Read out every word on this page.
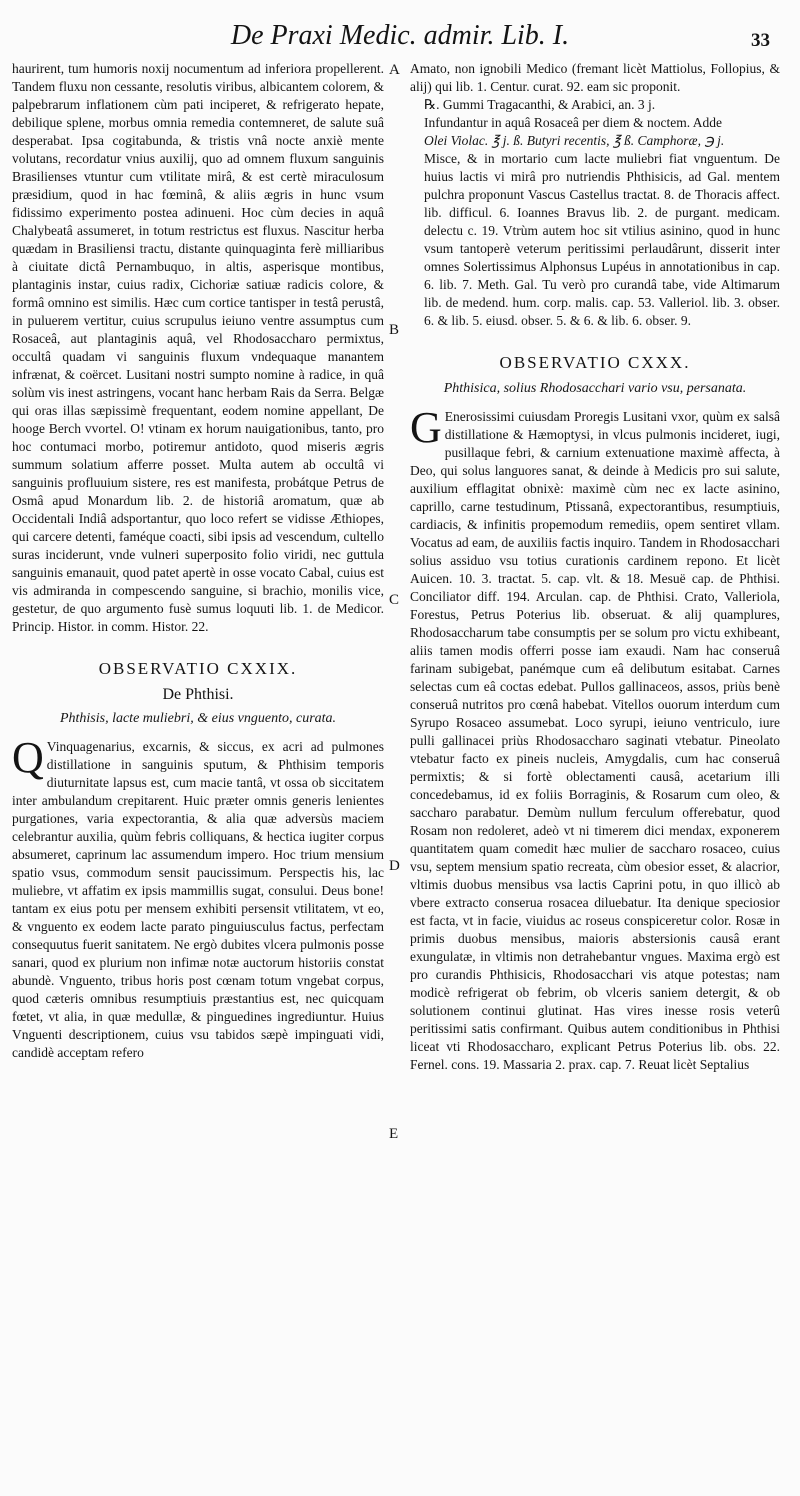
De Praxi Medic. admir. Lib. I.	33
A
B
C
D
E

haurirent, tum humoris noxij nocumentum ad inferiora propellerent. Tandem fluxu non cessante, resolutis viribus, albicantem colorem, & palpebrarum inflationem cùm pati inciperet, & refrigerato hepate, debilique splene, morbus omnia remedia contemneret, de salute suâ desperabat. Ipsa cogitabunda, & tristis vnâ nocte anxiè mente volutans, recordatur vnius auxilij, quo ad omnem fluxum sanguinis Brasilienses vtuntur cum vtilitate mirâ, & est certè miraculosum præsidium, quod in hac fœminâ, & aliis ægris in hunc vsum fidissimo experimento postea adinueni. Hoc cùm decies in aquâ Chalybeatâ assumeret, in totum restrictus est fluxus. Nascitur herba quædam in Brasiliensi tractu, distante quinquaginta ferè milliaribus à ciuitate dictâ Pernambuquo, in altis, asperisque montibus, plantaginis instar, cuius radix, Cichoriæ satiuæ radicis colore, & formâ omnino est similis. Hæc cum cortice tantisper in testâ perustâ, in puluerem vertitur, cuius scrupulus ieiuno ventre assumptus cum Rosaceâ, aut plantaginis aquâ, vel Rhodosaccharo permixtus, occultâ quadam vi sanguinis fluxum vndequaque manantem infrænat, & coërcet. Lusitani nostri sumpto nomine à radice, in quâ solùm vis inest astringens, vocant hanc herbam Rais da Serra. Belgæ qui oras illas sæpissimè frequentant, eodem nomine appellant, De hooge Berch vvortel. O! vtinam ex horum nauigationibus, tanto, pro hoc contumaci morbo, potiremur antidoto, quod miseris ægris summum solatium afferre posset. Multa autem ab occultâ vi sanguinis profluuium sistere, res est manifesta, probátque Petrus de Osmâ apud Monardum lib. 2. de historiâ aromatum, quæ ab Occidentali Indiâ adsportantur, quo loco refert se vidisse Æthiopes, qui carcere detenti, faméque coacti, sibi ipsis ad vescendum, cultello suras inciderunt, vnde vulneri superposito folio viridi, nec guttula sanguinis emanauit, quod patet apertè in osse vocato Cabal, cuius est vis admiranda in compescendo sanguine, si brachio, monilis vice, gestetur, de quo argumento fusè sumus loquuti lib. 1. de Medicor. Princip. Histor. in comm. Histor. 22.

OBSERVATIO CXXIX.
De Phthisi.
Phthisis, lacte muliebri, & eius vnguento, curata.

Q Vinquagenarius, excarnis, & siccus, ex acri ad pulmones distillatione in sanguinis sputum, & Phthisim temporis diuturnitate lapsus est, cum macie tantâ, vt ossa ob siccitatem inter ambulandum crepitarent. Huic præter omnis generis lenientes purgationes, varia expectorantia, & alia quæ adversùs maciem celebrantur auxilia, quùm febris colliquans, & hectica iugiter corpus absumeret, caprinum lac assumendum impero. Hoc trium mensium spatio vsus, commodum sensit paucissimum. Perspectis his, lac muliebre, vt affatim ex ipsis mammillis sugat, consului. Deus bone! tantam ex eius potu per mensem exhibiti persensit vtilitatem, vt eo, & vnguento ex eodem lacte parato pinguiusculus factus, perfectam consequutus fuerit sanitatem. Ne ergò dubites vlcera pulmonis posse sanari, quod ex plurium non infimæ notæ auctorum historiis constat abundè. Vnguento, tribus horis post cœnam totum vngebat corpus, quod cæteris omnibus resumptiuis præstantius est, nec quicquam fœtet, vt alia, in quæ medullæ, & pinguedines ingrediuntur. Huius Vnguenti descriptionem, cuius vsu tabidos sæpè impinguati vidi, candidè acceptam refero

Amato, non ignobili Medico (fremant licèt Mattiolus, Follopius, & alij) qui lib. 1. Centur. curat. 92. eam sic proponit.

℞. Gummi Tragacanthi, & Arabici, an. 3 j.

Infundantur in aquâ Rosaceâ per diem & noctem. Adde

Olei Violac. ℥ j. ß. Butyri recentis, ℥ ß. Camphoræ, ℈ j.

Misce, & in mortario cum lacte muliebri fiat vnguentum. De huius lactis vi mirâ pro nutriendis Phthisicis, ad Gal. mentem pulchra proponunt Vascus Castellus tractat. 8. de Thoracis affect. lib. difficul. 6. Ioannes Bravus lib. 2. de purgant. medicam. delectu c. 19. Vtrùm autem hoc sit vtilius asinino, quod in hunc vsum tantoperè veterum peritissimi perlaudârunt, disserit inter omnes Solertissimus Alphonsus Lupéus in annotationibus in cap. 6. lib. 7. Meth. Gal. Tu verò pro curandâ tabe, vide Altimarum lib. de medend. hum. corp. malis. cap. 53. Valleriol. lib. 3. obser. 6. & lib. 5. eiusd. obser. 5. & 6. & lib. 6. obser. 9.

OBSERVATIO CXXX.
Phthisica, solius Rhodosacchari vario vsu, persanata.

G Enerosissimi cuiusdam Proregis Lusitani vxor, quùm ex salsâ distillatione & Hæmoptysi, in vlcus pulmonis incideret, iugi, pusillaque febri, & carnium extenuatione maximè affecta, à Deo, qui solus languores sanat, & deinde à Medicis pro sui salute, auxilium efflagitat obnixè: maximè cùm nec ex lacte asinino, caprillo, carne testudinum, Ptissanâ, expectorantibus, resumptiuis, cardiacis, & infinitis propemodum remediis, opem sentiret vllam. Vocatus ad eam, de auxiliis factis inquiro. Tandem in Rhodosacchari solius assiduo vsu totius curationis cardinem repono. Et licèt Auicen. 10. 3. tractat. 5. cap. vlt. & 18. Mesuë cap. de Phthisi. Conciliator diff. 194. Arculan. cap. de Phthisi. Crato, Valleriola, Forestus, Petrus Poterius lib. obseruat. & alij quamplures, Rhodosaccharum tabe consumptis per se solum pro victu exhibeant, aliis tamen modis offerri posse iam exaudi. Nam hac conseruâ farinam subigebat, panémque cum eâ delibutum esitabat. Carnes selectas cum eâ coctas edebat. Pullos gallinaceos, assos, priùs benè conseruâ nutritos pro cœnâ habebat. Vitellos ouorum interdum cum Syrupo Rosaceo assumebat. Loco syrupi, ieiuno ventriculo, iure pulli gallinacei priùs Rhodosaccharo saginati vtebatur. Pineolato vtebatur facto ex pineis nucleis, Amygdalis, cum hac conseruâ permixtis; & si fortè oblectamenti causâ, acetarium illi concedebamus, id ex foliis Borraginis, & Rosarum cum oleo, & saccharo parabatur. Demùm nullum ferculum offerebatur, quod Rosam non redoleret, adeò vt ni timerem dici mendax, exponerem quantitatem quam comedit hæc mulier de saccharo rosaceo, cuius vsu, septem mensium spatio recreata, cùm obesior esset, & alacrior, vltimis duobus mensibus vsa lactis Caprini potu, in quo illicò ab vbere extracto conserua rosacea diluebatur. Ita denique speciosior est facta, vt in facie, viuidus ac roseus conspiceretur color. Rosæ in primis duobus mensibus, maioris abstersionis causâ erant exungulatæ, in vltimis non detrahebantur vngues. Maxima ergò est pro curandis Phthisicis, Rhodosacchari vis atque potestas; nam modicè refrigerat ob febrim, ob vlceris saniem detergit, & ob solutionem continui glutinat. Has vires inesse rosis veterû peritissimi satis confirmant. Quibus autem conditionibus in Phthisi liceat vti Rhodosaccharo, explicant Petrus Poterius lib. obs. 22. Fernel. cons. 19. Massaria 2. prax. cap. 7. Reuat licèt Septalius
